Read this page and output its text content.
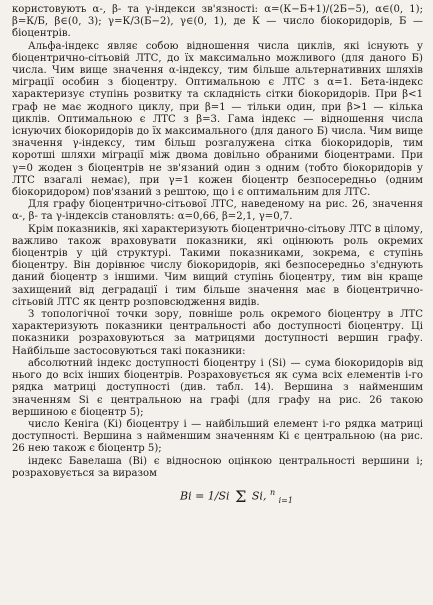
користовують α-, β- та γ-індекси зв'язності: α=(К−Б+1)/(2Б−5), α∈(0, 1); β=К/Б, β∈(0, 3); γ=К/3(Б−2), γ∈(0, 1), де К — число біокоридорів, Б — біоцентрів.

Альфа-індекс являє собою відношення числа циклів, які існують у біоцентрично-сітьовій ЛТС, до їх максимально можливого (для даного Б) числа. Чим вище значення α-індексу, тим більше альтернативних шляхів міграції особин з біоцентру. Оптимальною є ЛТС з α=1. Бета-індекс характеризує ступінь розвитку та складність сітки біокоридорів. При β<1 граф не має жодного циклу, при β=1 — тільки один, при β>1 — кілька циклів. Оптимальною є ЛТС з β=3. Гама індекс — відношення числа існуючих біокоридорів до їх максимального (для даного Б) числа. Чим вище значення γ-індексу, тим більш розгалужена сітка біокоридорів, тим коротші шляхи міграції між двома довільно обраними біоцентрами. При γ=0 жоден з біоцентрів не зв'язаний один з одним (тобто біокоридорів у ЛТС взагалі немає), при γ=1 кожен біоцентр безпосередньо (одним біокоридором) пов'язаний з рештою, що і є оптимальним для ЛТС.

Для графу біоцентрично-сітьової ЛТС, наведеному на рис. 26, значення α-, β- та γ-індексів становлять: α=0,66, β=2,1, γ=0,7.

Крім показників, які характеризують біоцентрично-сітьову ЛТС в цілому, важливо також враховувати показники, які оцінюють роль окремих біоцентрів у цій структурі. Такими показниками, зокрема, є ступінь біоцентру. Він дорівнює числу біокоридорів, які безпосередньо з'єднують даний біоцентр з іншими. Чим вищий ступінь біоцентру, тим він краще захищений від деградації і тим більше значення має в біоцентрично-сітьовій ЛТС як центр розповсюдження видів.

З топологічної точки зору, повніше роль окремого біоцентру в ЛТС характеризують показники центральності або доступності біоцентру. Ці показники розраховуються за матрицями доступності вершин графу. Найбільше застосовуються такі показники:

абсолютний індекс доступності біоцентру i (Si) — сума біокоридорів від нього до всіх інших біоцентрів. Розраховується як сума всіх елементів i-го рядка матриці доступності (див. табл. 14). Вершина з найменшим значенням Si є центральною на графі (для графу на рис. 26 такою вершиною є біоцентр 5);

число Кеніга (Ki) біоцентру i — найбільший елемент i-го рядка матриці доступності. Вершина з найменшим значенням Ki є центральною (на рис. 26 нею також є біоцентр 5);

індекс Бавелаша (Bi) є відносною оцінкою центральності вершини i; розраховується за виразом

Bi = 1/Si Σ Si, $^n$ $_{i=1}$
